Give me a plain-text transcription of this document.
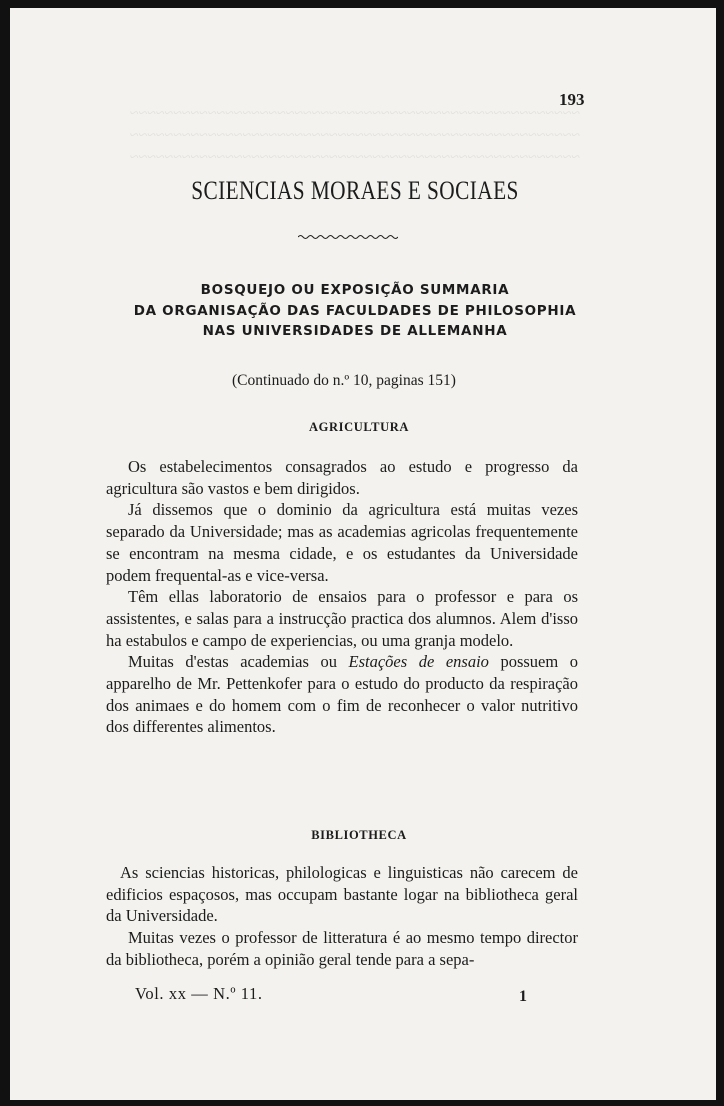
~~~~~~~~~~~~~~~~~~~~~~~~~~~~~~~~~~~~~~~~~~~~~~~~~~~~
~~~~~~~~~~~~~~~~~~~~~~~~~~~~~~~~~~~~~~~~~~~~~~~~~~~~
~~~~~~~~~~~~~~~~~~~~~~~~~~~~~~~~~~~~~~~~~~~~~~~~~~~~

193

SCIENCIAS MORAES E SOCIAES
BOSQUEJO OU EXPOSIÇÃO SUMMARIA
DA ORGANISAÇÃO DAS FACULDADES DE PHILOSOPHIA
NAS UNIVERSIDADES DE ALLEMANHA

(Continuado do n.º 10, paginas 151)

AGRICULTURA

Os estabelecimentos consagrados ao estudo e progresso da agricultura são vastos e bem dirigidos.

Já dissemos que o dominio da agricultura está muitas vezes separado da Universidade; mas as academias agricolas frequentemente se encontram na mesma cidade, e os estudantes da Universidade podem frequental-as e vice-versa.

Têm ellas laboratorio de ensaios para o professor e para os assistentes, e salas para a instrucção practica dos alumnos. Alem d'isso ha estabulos e campo de experiencias, ou uma granja modelo.

Muitas d'estas academias ou Estações de ensaio possuem o apparelho de Mr. Pettenkofer para o estudo do producto da respiração dos animaes e do homem com o fim de reconhecer o valor nutritivo dos differentes alimentos.

BIBLIOTHECA

As sciencias historicas, philologicas e linguisticas não carecem de edificios espaçosos, mas occupam bastante logar na bibliotheca geral da Universidade.

Muitas vezes o professor de litteratura é ao mesmo tempo director da bibliotheca, porém a opinião geral tende para a sepa-

Vol. xx — N.º 11.	1
